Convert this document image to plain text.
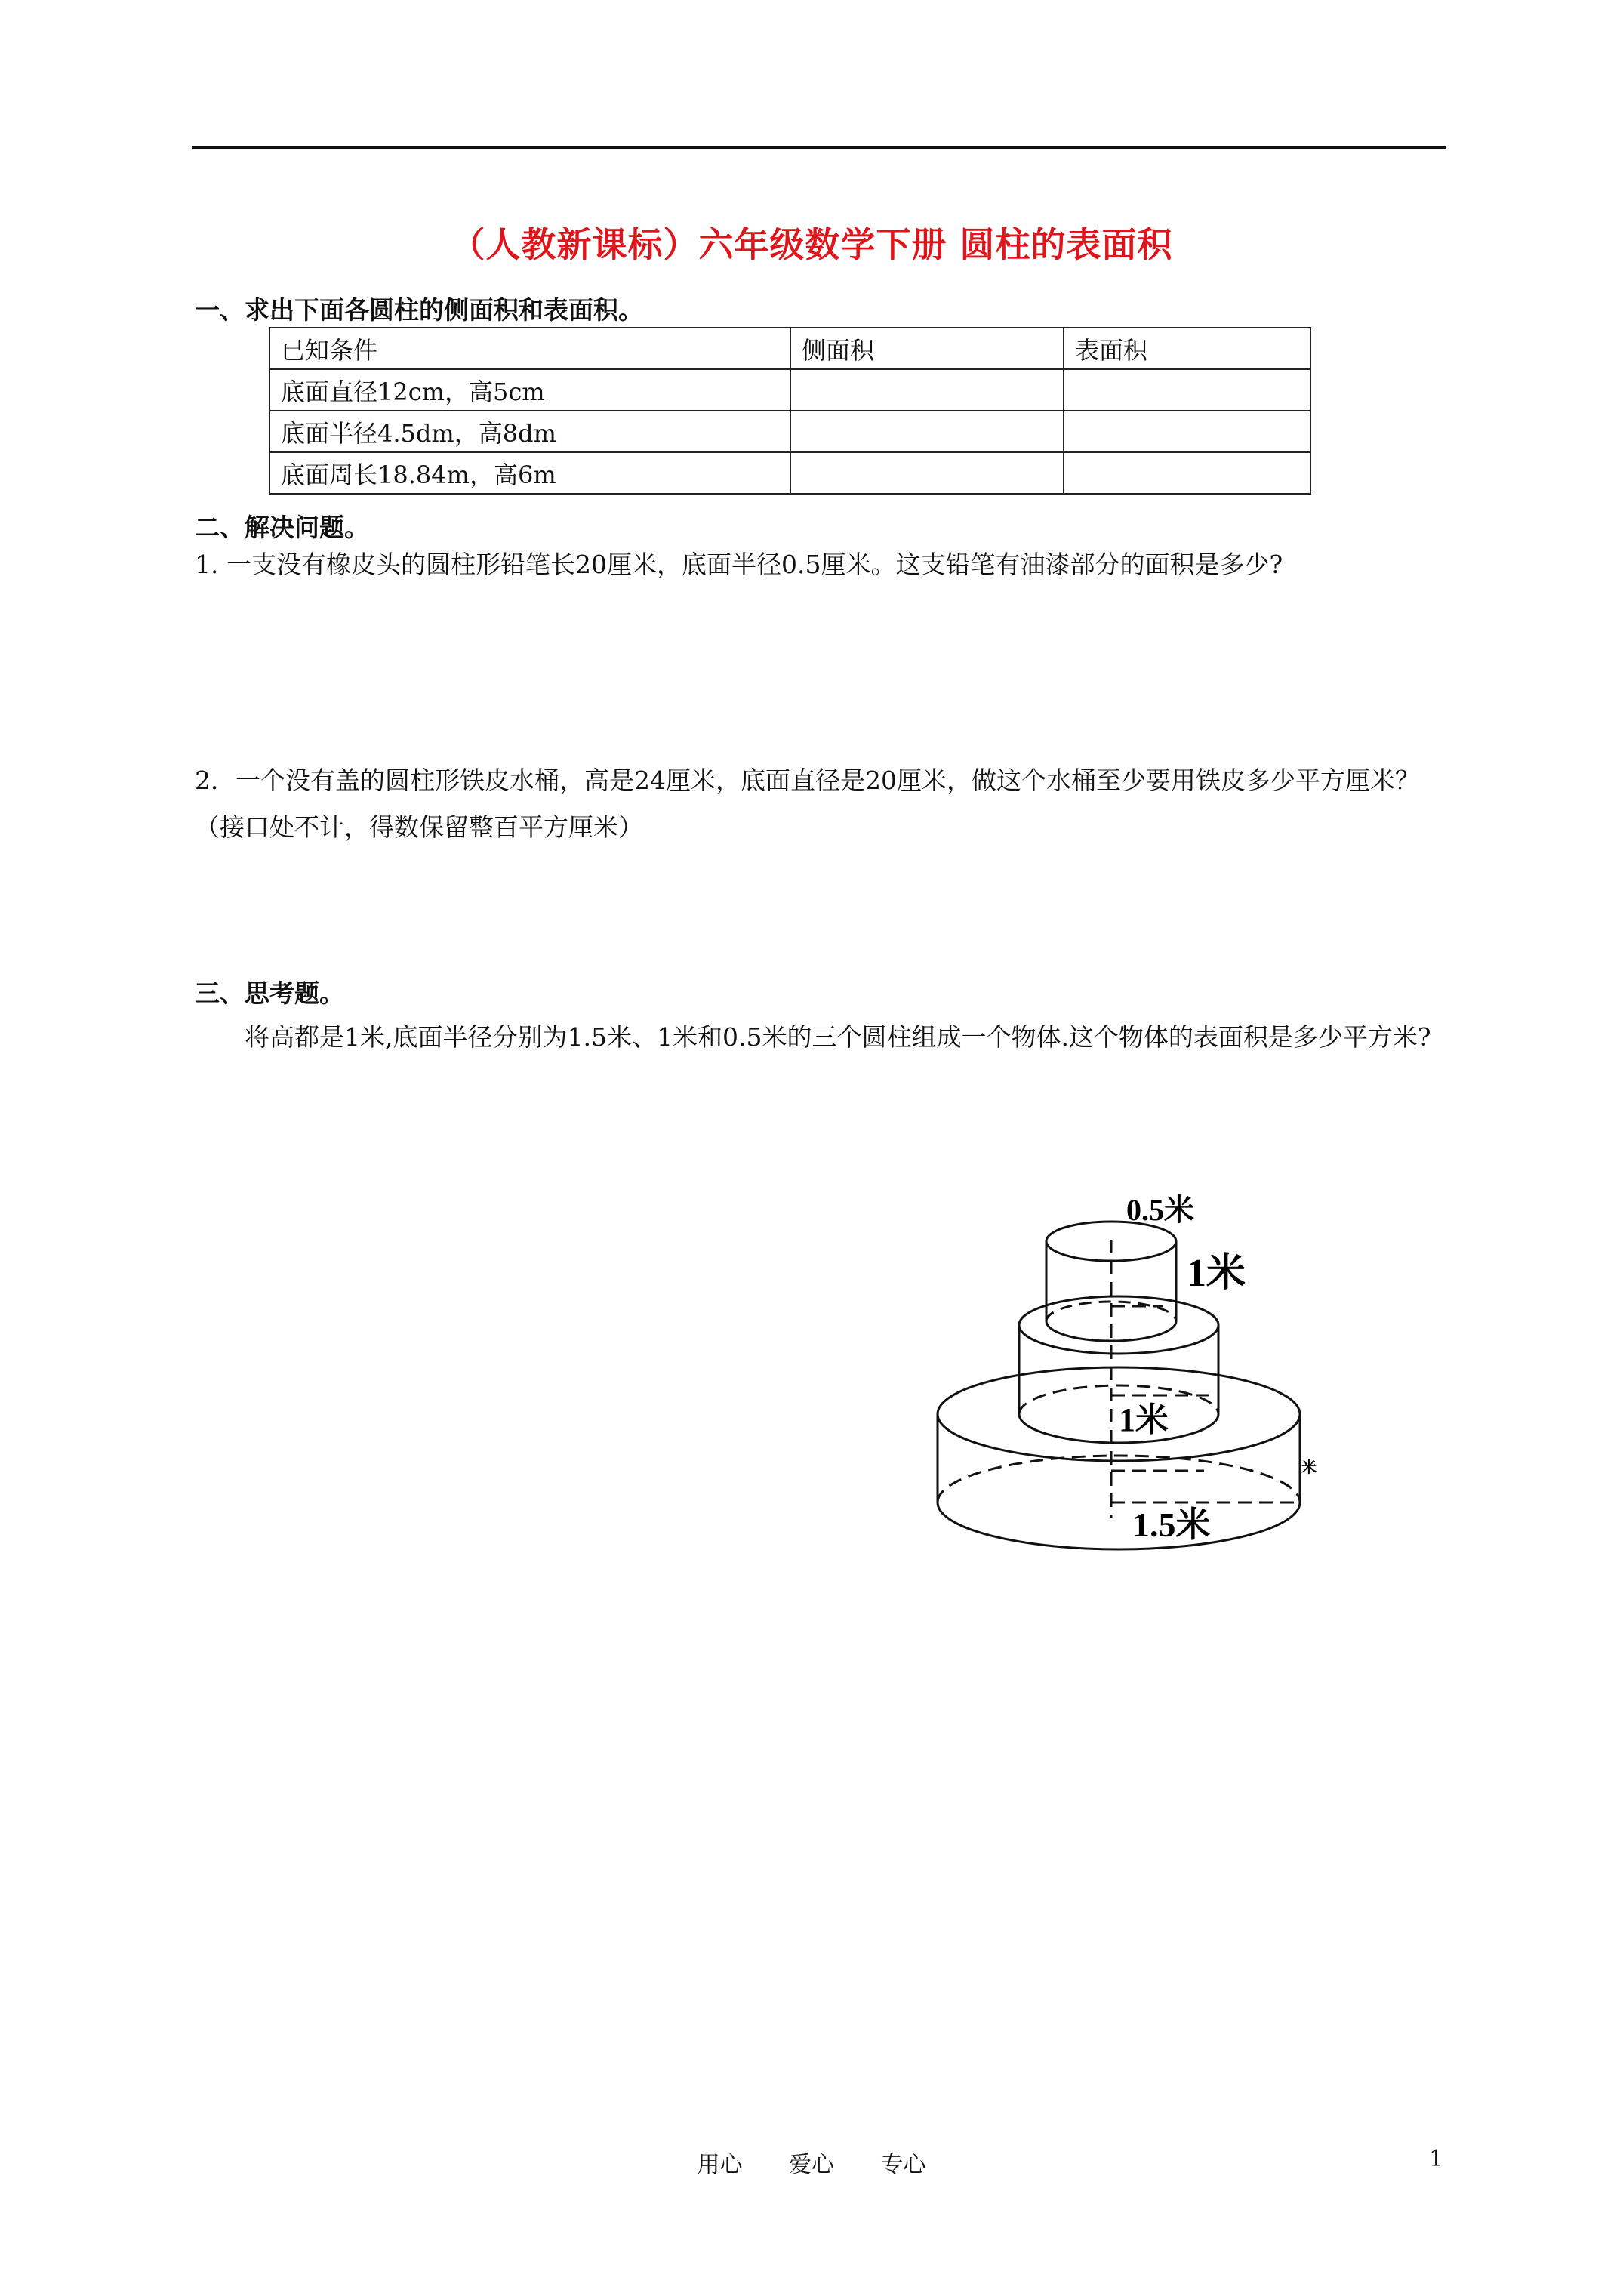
（人教新课标）六年级数学下册 圆柱的表面积
一、求出下面各圆柱的侧面积和表面积。
已知条件	侧面积	表面积
底面直径12cm，高5cm		
底面半径4.5dm，高8dm		
底面周长18.84m，高6m		
二、解决问题。
1. 一支没有橡皮头的圆柱形铅笔长20厘米，底面半径0.5厘米。这支铅笔有油漆部分的面积是多少?
2．一个没有盖的圆柱形铁皮水桶，高是24厘米，底面直径是20厘米，做这个水桶至少要用铁皮多少平方厘米？（接口处不计，得数保留整百平方厘米）
三、思考题。
将高都是1米,底面半径分别为1.5米、1米和0.5米的三个圆柱组成一个物体.这个物体的表面积是多少平方米?
0.5米
1米
1米
1.5米
米
用心 爱心 专心	1
